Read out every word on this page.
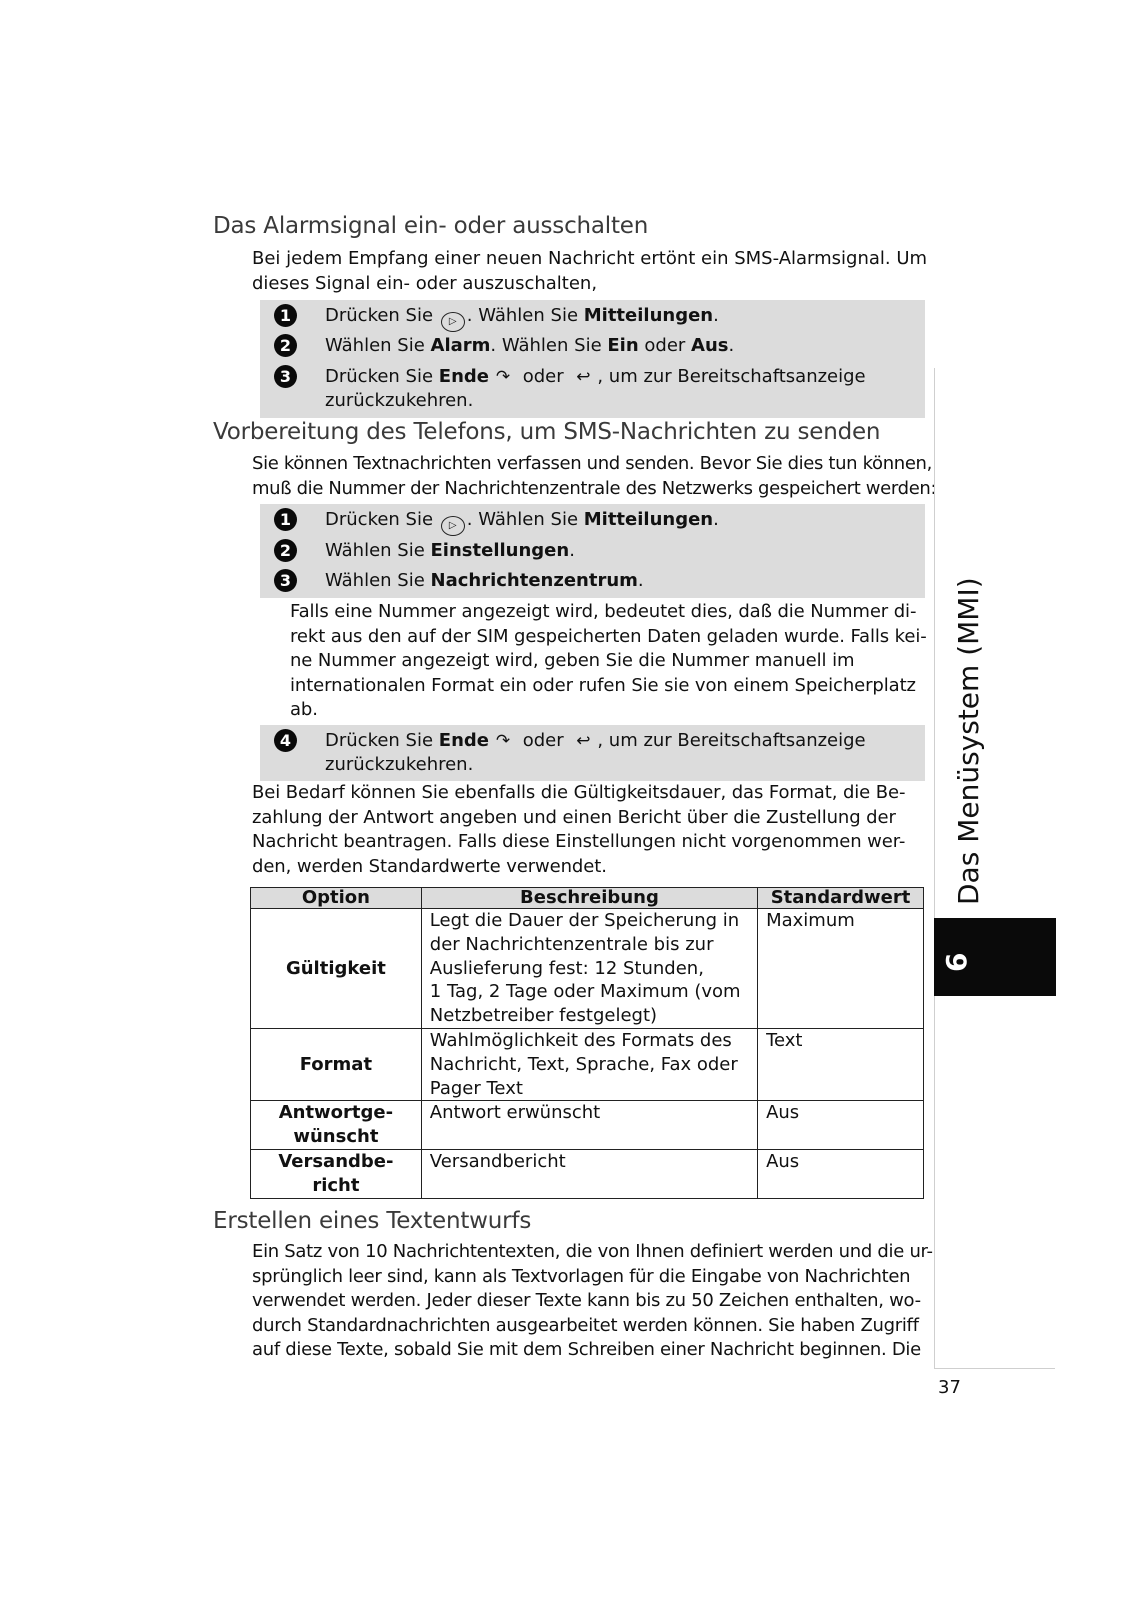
Das Alarmsignal ein- oder ausschalten
Bei jedem Empfang einer neuen Nachricht ertönt ein SMS-Alarmsignal. Um
dieses Signal ein- oder auszuschalten,
1	Drücken Sie ▷ . Wählen Sie Mitteilungen.
2	Wählen Sie Alarm. Wählen Sie Ein oder Aus.
3	Drücken Sie Ende ↷ oder ↩ , um zur Bereitschaftsanzeige
zurückzukehren.
Vorbereitung des Telefons, um SMS-Nachrichten zu senden
Sie können Textnachrichten verfassen und senden. Bevor Sie dies tun können,
muß die Nummer der Nachrichtenzentrale des Netzwerks gespeichert werden:
1	Drücken Sie ▷ . Wählen Sie Mitteilungen.
2	Wählen Sie Einstellungen.
3	Wählen Sie Nachrichtenzentrum.
Falls eine Nummer angezeigt wird, bedeutet dies, daß die Nummer di-
rekt aus den auf der SIM gespeicherten Daten geladen wurde. Falls kei-
ne Nummer angezeigt wird, geben Sie die Nummer manuell im
internationalen Format ein oder rufen Sie sie von einem Speicherplatz
ab.
4	Drücken Sie Ende ↷ oder ↩ , um zur Bereitschaftsanzeige
zurückzukehren.
Bei Bedarf können Sie ebenfalls die Gültigkeitsdauer, das Format, die Be-
zahlung der Antwort angeben und einen Bericht über die Zustellung der
Nachricht beantragen. Falls diese Einstellungen nicht vorgenommen wer-
den, werden Standardwerte verwendet.
Option	Beschreibung	Standardwert
Gültigkeit	Legt die Dauer der Speicherung in
der Nachrichtenzentrale bis zur
Auslieferung fest: 12 Stunden,
1 Tag, 2 Tage oder Maximum (vom
Netzbetreiber festgelegt)	Maximum
Format	Wahlmöglichkeit des Formats des
Nachricht, Text, Sprache, Fax oder
Pager Text	Text

Antwortge-
wünscht	Antwort erwünscht	Aus

Versandbe-
richt	Versandbericht	Aus
Erstellen eines Textentwurfs
Ein Satz von 10 Nachrichtentexten, die von Ihnen definiert werden und die ur-
sprünglich leer sind, kann als Textvorlagen für die Eingabe von Nachrichten
verwendet werden. Jeder dieser Texte kann bis zu 50 Zeichen enthalten, wo-
durch Standardnachrichten ausgearbeitet werden können. Sie haben Zugriff
auf diese Texte, sobald Sie mit dem Schreiben einer Nachricht beginnen. Die
Das Menüsystem (MMI)
6
37
